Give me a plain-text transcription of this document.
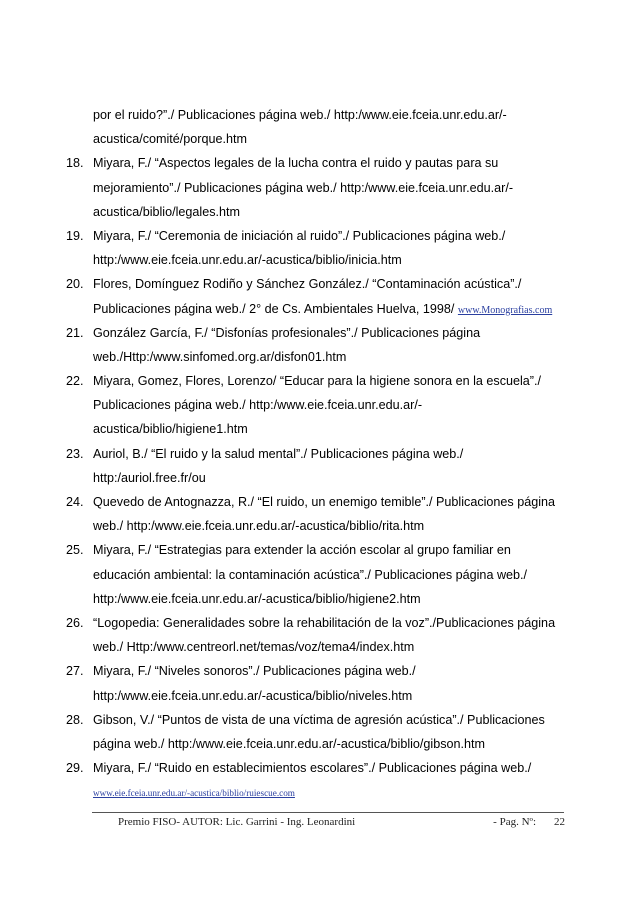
por el ruido?”./ Publicaciones página web./ http:/www.eie.fceia.unr.edu.ar/-
acustica/comité/porque.htm
18. Miyara, F./ “Aspectos legales de la lucha contra el ruido y pautas para su
mejoramiento”./ Publicaciones página web./ http:/www.eie.fceia.unr.edu.ar/-
acustica/biblio/legales.htm
19. Miyara, F./ “Ceremonia de iniciación al ruido”./ Publicaciones página web./
http:/www.eie.fceia.unr.edu.ar/-acustica/biblio/inicia.htm
20. Flores, Domínguez Rodiño y Sánchez González./ “Contaminación acústica”./
Publicaciones página web./ 2° de Cs. Ambientales Huelva, 1998/ www.Monografias.com
21. González García, F./ “Disfonías profesionales”./ Publicaciones página
web./Http:/www.sinfomed.org.ar/disfon01.htm
22. Miyara, Gomez, Flores, Lorenzo/ “Educar para la higiene sonora en la escuela”./
Publicaciones página web./ http:/www.eie.fceia.unr.edu.ar/-
acustica/biblio/higiene1.htm
23. Auriol, B./ “El ruido y la salud mental”./ Publicaciones página web./
http:/auriol.free.fr/ou
24. Quevedo de Antognazza, R./ “El ruido, un enemigo temible”./ Publicaciones página
web./ http:/www.eie.fceia.unr.edu.ar/-acustica/biblio/rita.htm
25. Miyara, F./ “Estrategias para extender la acción escolar al grupo familiar en
educación ambiental: la contaminación acústica”./ Publicaciones página web./
http:/www.eie.fceia.unr.edu.ar/-acustica/biblio/higiene2.htm
26. “Logopedia: Generalidades sobre la rehabilitación de la voz”./Publicaciones página
web./ Http:/www.centreorl.net/temas/voz/tema4/index.htm
27. Miyara, F./ “Niveles sonoros”./ Publicaciones página web./
http:/www.eie.fceia.unr.edu.ar/-acustica/biblio/niveles.htm
28. Gibson, V./ “Puntos de vista de una víctima de agresión acústica”./ Publicaciones
página web./ http:/www.eie.fceia.unr.edu.ar/-acustica/biblio/gibson.htm
29. Miyara, F./ “Ruido en establecimientos escolares”./ Publicaciones página web./
www.eie.fceia.unr.edu.ar/-acustica/biblio/ruiescue.com
Premio FISO- AUTOR: Lic. Garrini - Ing. Leonardini	- Pag. Nº: 22
